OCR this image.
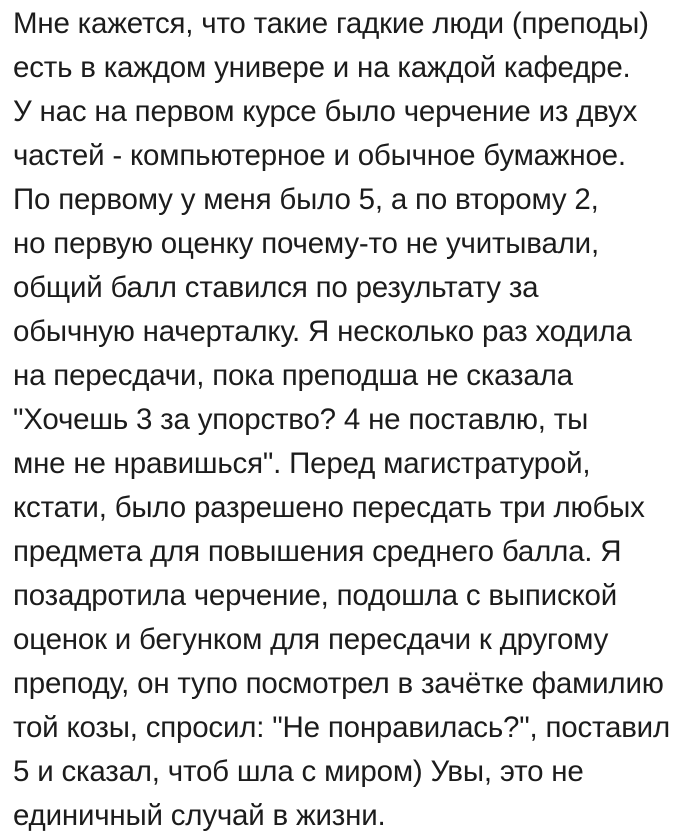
Мне кажется, что такие гадкие люди (преподы)
есть в каждом универе и на каждой кафедре.
У нас на первом курсе было черчение из двух
частей - компьютерное и обычное бумажное.
По первому у меня было 5, а по второму 2,
но первую оценку почему-то не учитывали,
общий балл ставился по результату за
обычную начерталку. Я несколько раз ходила
на пересдачи, пока преподша не сказала
"Хочешь 3 за упорство? 4 не поставлю, ты
мне не нравишься". Перед магистратурой,
кстати, было разрешено пересдать три любых
предмета для повышения среднего балла. Я
позадротила черчение, подошла с выпиской
оценок и бегунком для пересдачи к другому
преподу, он тупо посмотрел в зачётке фамилию
той козы, спросил: "Не понравилась?", поставил
5 и сказал, чтоб шла с миром) Увы, это не
единичный случай в жизни.
